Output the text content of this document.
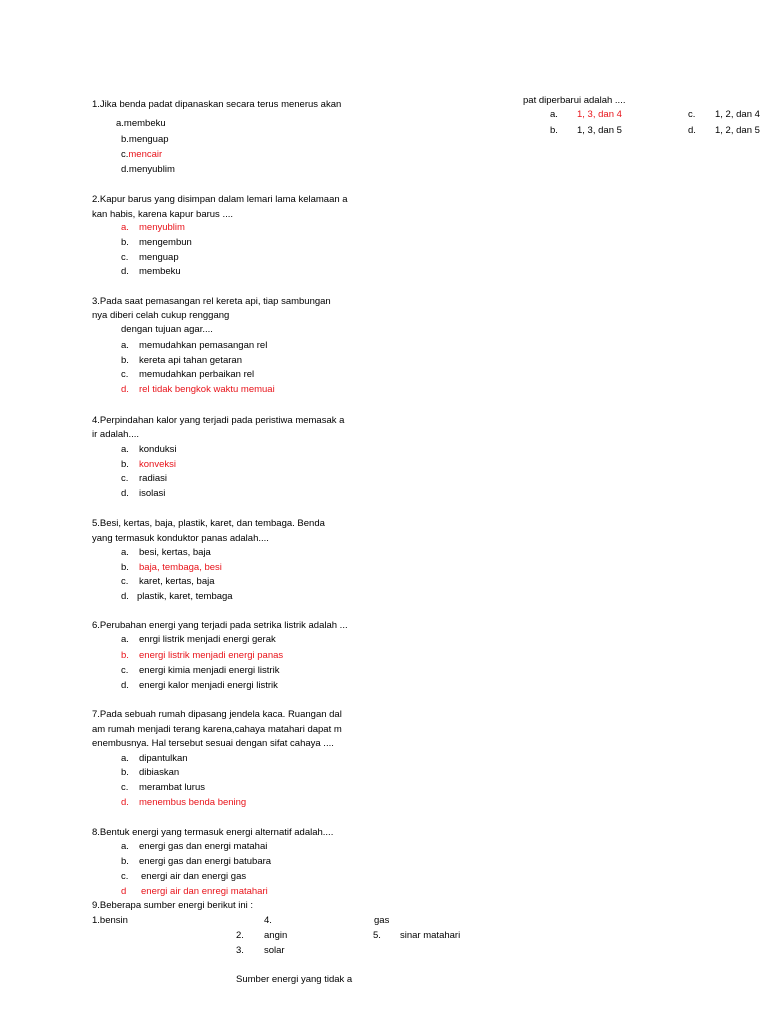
1.Jika benda padat dipanaskan secara terus menerus akan
a.membeku
b.menguap
c.mencair
d.menyublim
2.Kapur barus yang disimpan dalam lemari lama kelamaan a
kan habis, karena kapur barus ....
a. menyublim
b. mengembun
c. menguap
d. membeku
3.Pada saat pemasangan rel kereta api, tiap sambungan
nya diberi celah cukup renggang
dengan tujuan agar....
a. memudahkan pemasangan rel
b. kereta api tahan getaran
c. memudahkan perbaikan rel
d. rel tidak bengkok waktu memuai
4.Perpindahan kalor yang terjadi pada peristiwa memasak a
ir adalah....
a. konduksi
b. konveksi
c. radiasi
d. isolasi
5.Besi, kertas, baja, plastik, karet, dan tembaga. Benda
yang termasuk konduktor panas adalah....
a. besi, kertas, baja
b. baja, tembaga, besi
c. karet, kertas, baja
d. plastik, karet, tembaga
6.Perubahan energi yang terjadi pada setrika listrik adalah ...
a. enrgi listrik menjadi energi gerak
b. energi listrik menjadi energi panas
c. energi kimia menjadi energi listrik
d. energi kalor menjadi energi listrik
7.Pada sebuah rumah dipasang jendela kaca. Ruangan dal
am rumah menjadi terang karena,cahaya matahari dapat m
enembusnya. Hal tersebut sesuai dengan sifat cahaya ....
a. dipantulkan
b. dibiaskan
c. merambat lurus
d. menembus benda bening
8.Bentuk energi yang termasuk energi alternatif adalah....
a. energi gas dan energi matahai
b. energi gas dan energi batubara
c. energi air dan energi gas
d energi air dan enregi matahari
9.Beberapa sumber energi berikut ini :
1.bensin	4.	gas
2. angin	5. sinar matahari
3. solar
Sumber energi yang tidak a
pat diperbarui adalah ....
a. 1, 3, dan 4	c. 1, 2, dan 4
b. 1, 3, dan 5	d. 1, 2, dan 5
